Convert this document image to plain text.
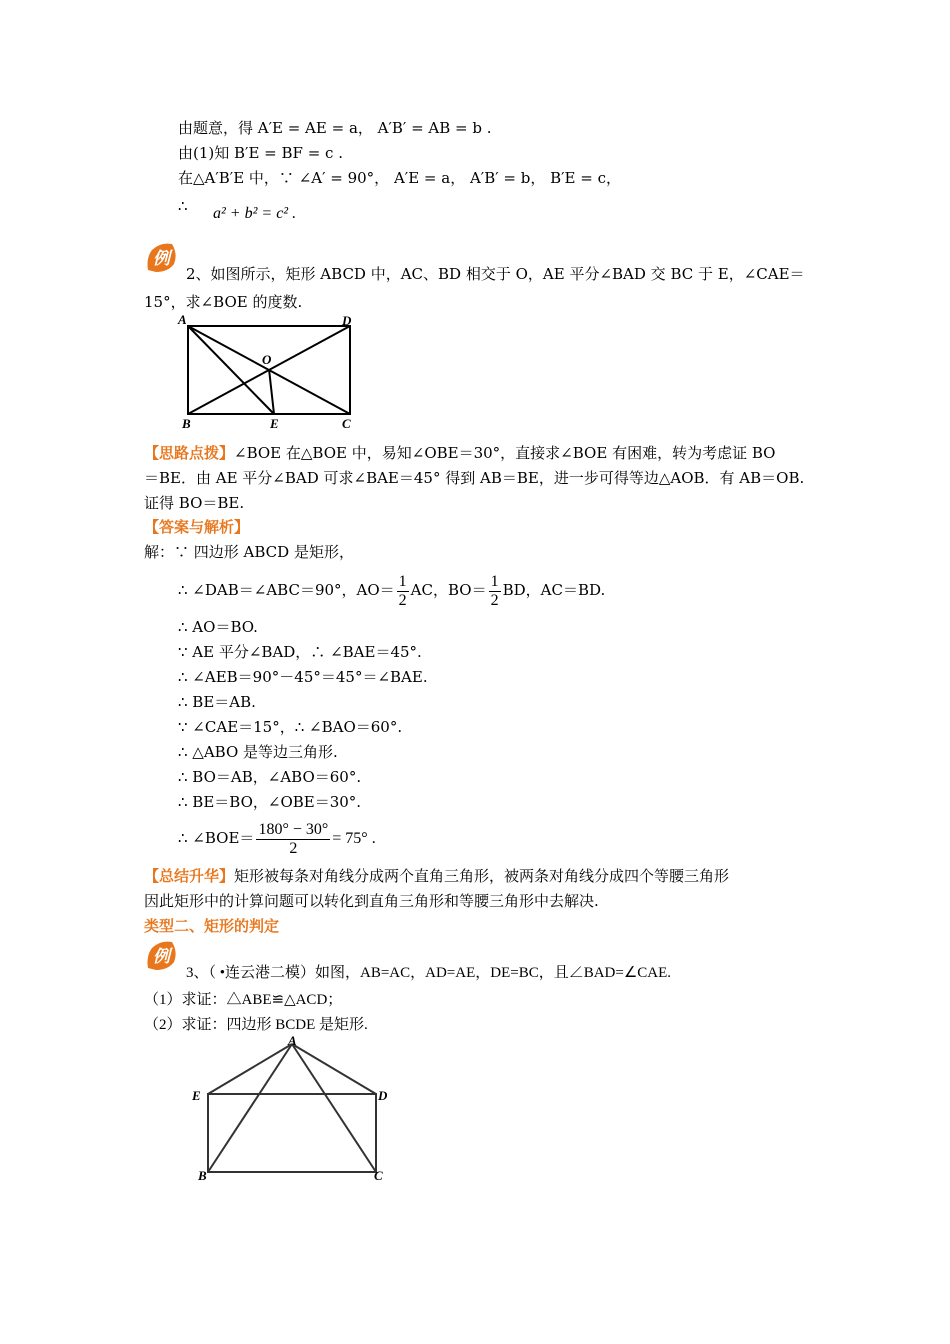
由题意，得 A′E = AE = a， A′B′ = AB = b .
由(1)知 B′E = BF = c .
在△A′B′E 中，∵ ∠A′ = 90°， A′E = a， A′B′ = b， B′E = c，
∴ a² + b² = c² .
例
2、如图所示，矩形 ABCD 中，AC、BD 相交于 O，AE 平分∠BAD 交 BC 于 E，∠CAE＝
15°，求∠BOE 的度数.
A	D
O
B	E	C
【思路点拨】∠BOE 在△BOE 中，易知∠OBE＝30°，直接求∠BOE 有困难，转为考虑证 BO
＝BE．由 AE 平分∠BAD 可求∠BAE＝45° 得到 AB＝BE，进一步可得等边△AOB．有 AB＝OB.
证得 BO＝BE.
【答案与解析】
解：∵ 四边形 ABCD 是矩形，
∴ ∠DAB＝∠ABC＝90°，$AO= \frac{1}{2}$ AC，$BO= \frac{1}{2}$ BD，AC＝BD.
∴ AO＝BO.
∵ AE 平分∠BAD，∴ ∠BAE＝45°.
∴ ∠AEB＝90°－45°＝45°＝∠BAE.
∴ BE＝AB.
∵ ∠CAE＝15°，∴ ∠BAO＝60°.
∴ △ABO 是等边三角形.
∴ BO＝AB，∠ABO＝60°.
∴ BE＝BO，∠OBE＝30°.
∴ ∠BOE＝ $\frac{180^\circ - 30^\circ}{2} = 75^\circ$ .
【总结升华】矩形被每条对角线分成两个直角三角形，被两条对角线分成四个等腰三角形
因此矩形中的计算问题可以转化到直角三角形和等腰三角形中去解决.
类型二、矩形的判定
例
3、（ •连云港二模）如图，AB=AC，AD=AE，DE=BC，且∠BAD=∠CAE.
（1）求证：△ABE≌△ACD；
（2）求证：四边形 BCDE 是矩形.
A
E	D
B	C
